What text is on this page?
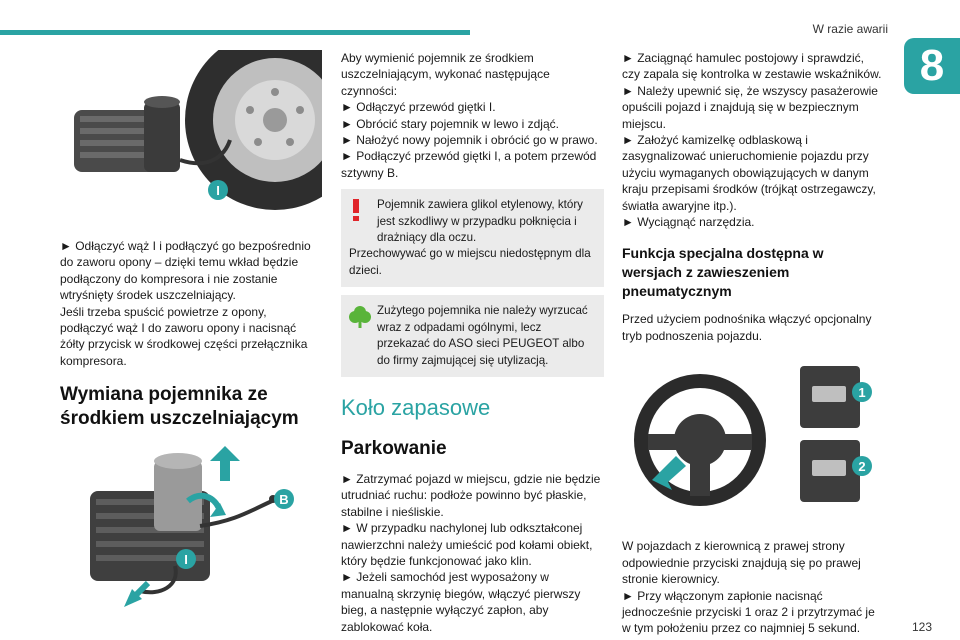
W razie awarii
8
123
I

► Odłączyć wąż I i podłączyć go bezpośrednio do zaworu opony – dzięki temu wkład będzie podłączony do kompresora i nie zostanie wtryśnięty środek uszczelniający.

Jeśli trzeba spuścić powietrze z opony, podłączyć wąż I do zaworu opony i nacisnąć żółty przycisk w środkowej części przełącznika kompresora.

Wymiana pojemnika ze środkiem uszczelniającym
B
I

Aby wymienić pojemnik ze środkiem uszczelniającym, wykonać następujące czynności:

► Odłączyć przewód giętki I.

► Obrócić stary pojemnik w lewo i zdjąć.

► Nałożyć nowy pojemnik i obrócić go w prawo.

► Podłączyć przewód giętki I, a potem przewód sztywny B.

Pojemnik zawiera glikol etylenowy, który jest szkodliwy w przypadku połknięcia i drażniący dla oczu.

Przechowywać go w miejscu niedostępnym dla dzieci.

Zużytego pojemnika nie należy wyrzucać wraz z odpadami ogólnymi, lecz przekazać do ASO sieci PEUGEOT albo do firmy zajmującej się utylizacją.

Koło zapasowe
Parkowanie

► Zatrzymać pojazd w miejscu, gdzie nie będzie utrudniać ruchu: podłoże powinno być płaskie, stabilne i nieśliskie.

► W przypadku nachylonej lub odkształconej nawierzchni należy umieścić pod kołami obiekt, który będzie funkcjonować jako klin.

► Jeżeli samochód jest wyposażony w manualną skrzynię biegów, włączyć pierwszy bieg, a następnie wyłączyć zapłon, aby zablokować koła.

► Zaciągnąć hamulec postojowy i sprawdzić, czy zapala się kontrolka w zestawie wskaźników.

► Należy upewnić się, że wszyscy pasażerowie opuścili pojazd i znajdują się w bezpiecznym miejscu.

► Założyć kamizelkę odblaskową i zasygnalizować unieruchomienie pojazdu przy użyciu wymaganych obowiązujących w danym kraju przepisami środków (trójkąt ostrzegawczy, światła awaryjne itp.).

► Wyciągnąć narzędzia.

Funkcja specjalna dostępna w wersjach z zawieszeniem pneumatycznym

Przed użyciem podnośnika włączyć opcjonalny tryb podnoszenia pojazdu.

1
2

W pojazdach z kierownicą z prawej strony odpowiednie przyciski znajdują się po prawej stronie kierownicy.

► Przy włączonym zapłonie nacisnąć jednocześnie przyciski 1 oraz 2 i przytrzymać je w tym położeniu przez co najmniej 5 sekund.
